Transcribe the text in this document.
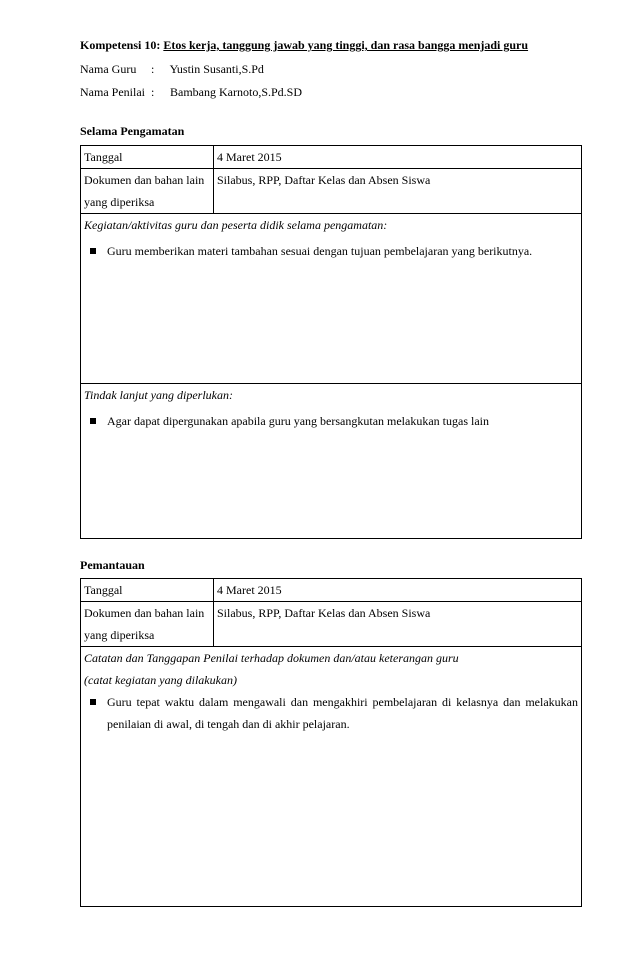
Kompetensi 10: Etos kerja, tanggung jawab yang tinggi, dan rasa bangga menjadi guru
Nama Guru : Yustin Susanti,S.Pd
Nama Penilai : Bambang Karnoto,S.Pd.SD
Selama Pengamatan
Tanggal	4 Maret 2015

Dokumen dan bahan lain
yang diperiksa	Silabus, RPP, Daftar Kelas dan Absen Siswa

Kegiatan/aktivitas guru dan peserta didik selama pengamatan:
Guru memberikan materi tambahan sesuai dengan tujuan pembelajaran yang berikutnya.	

Tindak lanjut yang diperlukan:
Agar dapat dipergunakan apabila guru yang bersangkutan melakukan tugas lain	
Pemantauan
Tanggal	4 Maret 2015

Dokumen dan bahan lain
yang diperiksa	Silabus, RPP, Daftar Kelas dan Absen Siswa

Catatan dan Tanggapan Penilai terhadap dokumen dan/atau keterangan guru
(catat kegiatan yang dilakukan)
Guru tepat waktu dalam mengawali dan mengakhiri pembelajaran di kelasnya dan melakukan penilaian di awal, di tengah dan di akhir pelajaran.	
